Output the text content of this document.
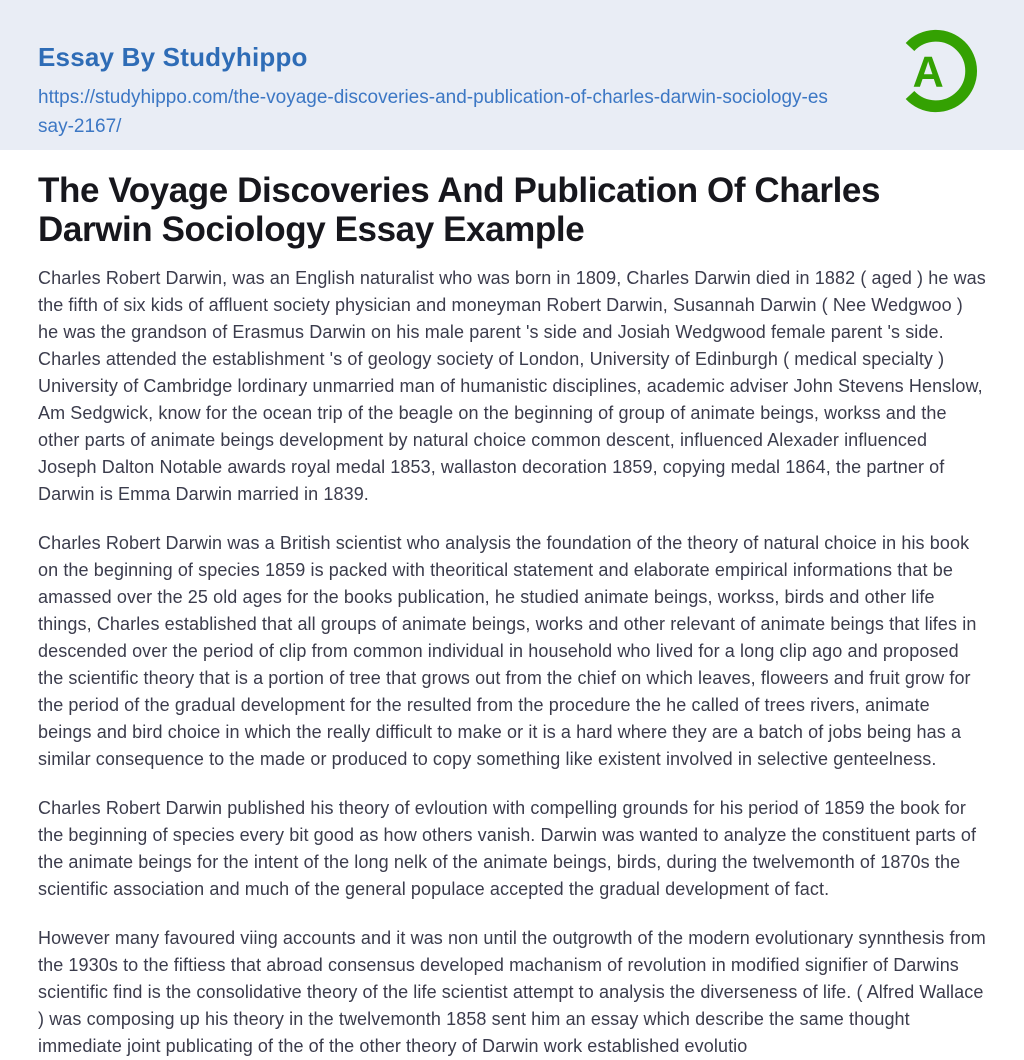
Essay By Studyhippo
https://studyhippo.com/the-voyage-discoveries-and-publication-of-charles-darwin-sociology-essay-2167/
A
The Voyage Discoveries And Publication Of Charles Darwin Sociology Essay Example

Charles Robert Darwin, was an English naturalist who was born in 1809, Charles Darwin died in 1882 ( aged ) he was the fifth of six kids of affluent society physician and moneyman Robert Darwin, Susannah Darwin ( Nee Wedgwoo ) he was the grandson of Erasmus Darwin on his male parent 's side and Josiah Wedgwood female parent 's side. Charles attended the establishment 's of geology society of London, University of Edinburgh ( medical specialty ) University of Cambridge lordinary unmarried man of humanistic disciplines, academic adviser John Stevens Henslow, Am Sedgwick, know for the ocean trip of the beagle on the beginning of group of animate beings, workss and the other parts of animate beings development by natural choice common descent, influenced Alexader influenced Joseph Dalton Notable awards royal medal 1853, wallaston decoration 1859, copying medal 1864, the partner of Darwin is Emma Darwin married in 1839.

Charles Robert Darwin was a British scientist who analysis the foundation of the theory of natural choice in his book on the beginning of species 1859 is packed with theoritical statement and elaborate empirical informations that be amassed over the 25 old ages for the books publication, he studied animate beings, workss, birds and other life things, Charles established that all groups of animate beings, works and other relevant of animate beings that lifes in descended over the period of clip from common individual in household who lived for a long clip ago and proposed the scientific theory that is a portion of tree that grows out from the chief on which leaves, floweers and fruit grow for the period of the gradual development for the resulted from the procedure the he called of trees rivers, animate beings and bird choice in which the really difficult to make or it is a hard where they are a batch of jobs being has a similar consequence to the made or produced to copy something like existent involved in selective genteelness.

Charles Robert Darwin published his theory of evloution with compelling grounds for his period of 1859 the book for the beginning of species every bit good as how others vanish. Darwin was wanted to analyze the constituent parts of the animate beings for the intent of the long nelk of the animate beings, birds, during the twelvemonth of 1870s the scientific association and much of the general populace accepted the gradual development of fact.

However many favoured viing accounts and it was non until the outgrowth of the modern evolutionary synnthesis from the 1930s to the fiftiess that abroad consensus developed machanism of revolution in modified signifier of Darwins scientific find is the consolidative theory of the life scientist attempt to analysis the diverseness of life. ( Alfred Wallace ) was composing up his theory in the twelvemonth 1858 sent him an essay which describe the same thought immediate joint publicating of the of the other theory of Darwin work established evolutio
